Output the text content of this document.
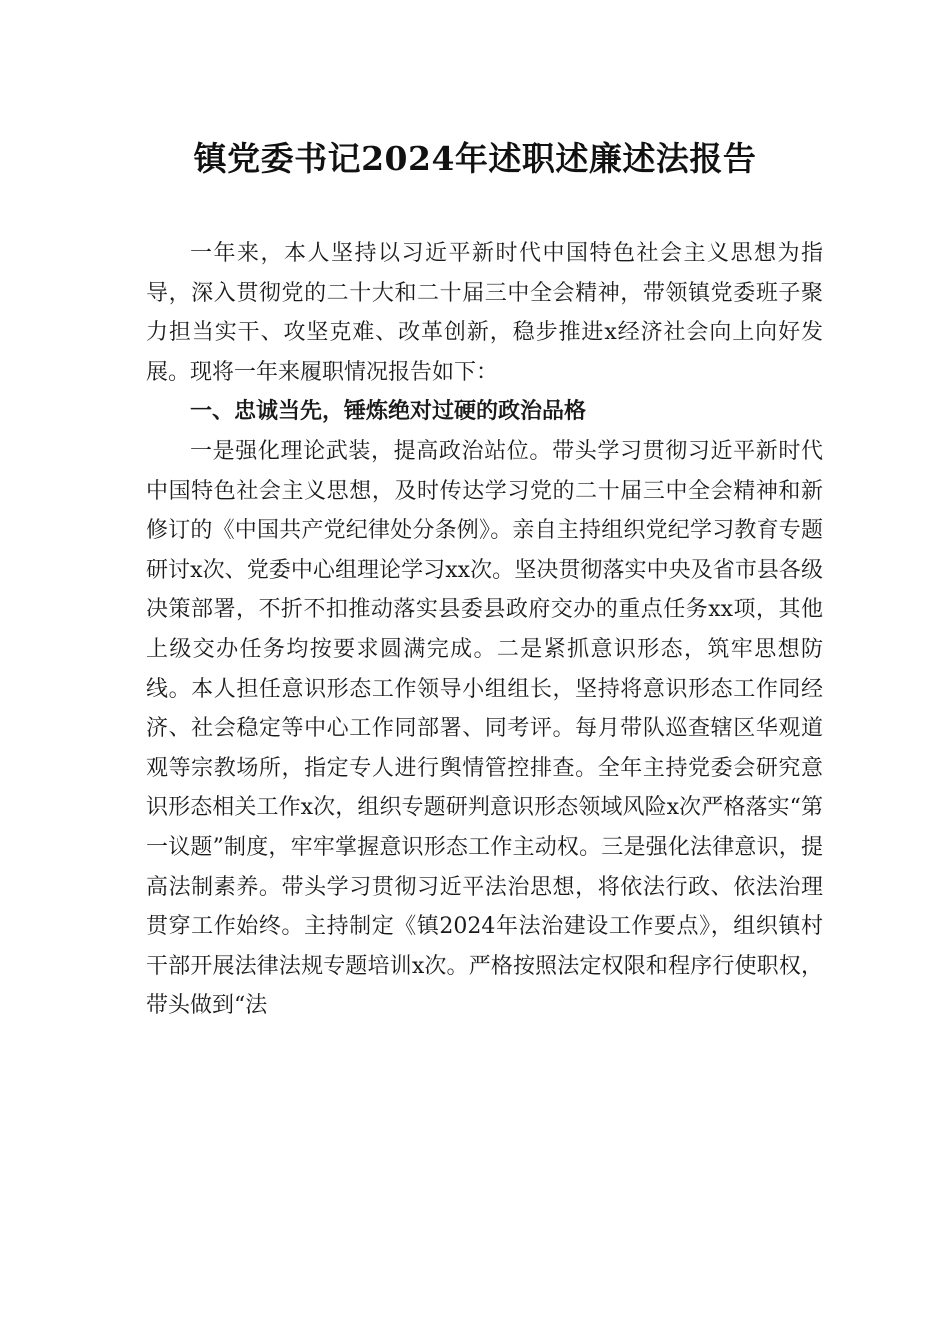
镇党委书记2024年述职述廉述法报告

一年来，本人坚持以习近平新时代中国特色社会主义思想为指导，深入贯彻党的二十大和二十届三中全会精神，带领镇党委班子聚力担当实干、攻坚克难、改革创新，稳步推进x经济社会向上向好发展。现将一年来履职情况报告如下：

一、忠诚当先，锤炼绝对过硬的政治品格

一是强化理论武装，提高政治站位。带头学习贯彻习近平新时代中国特色社会主义思想，及时传达学习党的二十届三中全会精神和新修订的《中国共产党纪律处分条例》。亲自主持组织党纪学习教育专题研讨x次、党委中心组理论学习xx次。坚决贯彻落实中央及省市县各级决策部署，不折不扣推动落实县委县政府交办的重点任务xx项，其他上级交办任务均按要求圆满完成。二是紧抓意识形态，筑牢思想防线。本人担任意识形态工作领导小组组长，坚持将意识形态工作同经济、社会稳定等中心工作同部署、同考评。每月带队巡查辖区华观道观等宗教场所，指定专人进行舆情管控排查。全年主持党委会研究意识形态相关工作x次，组织专题研判意识形态领域风险x次严格落实“第一议题”制度，牢牢掌握意识形态工作主动权。三是强化法律意识，提高法制素养。带头学习贯彻习近平法治思想，将依法行政、依法治理贯穿工作始终。主持制定《镇2024年法治建设工作要点》，组织镇村干部开展法律法规专题培训x次。严格按照法定权限和程序行使职权，带头做到“法
